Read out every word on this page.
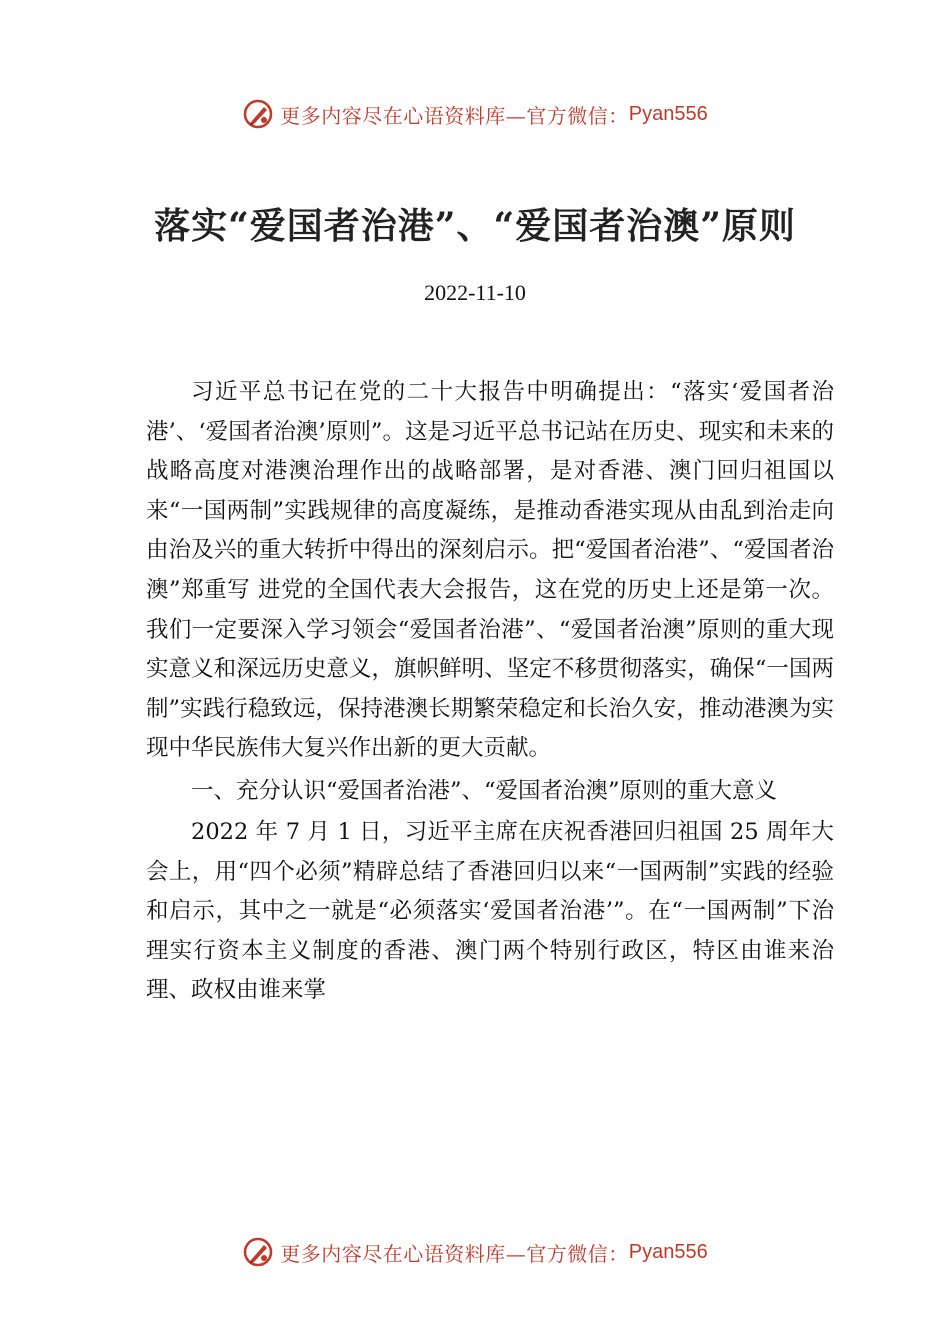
更多内容尽在心语资料库—官方微信： Pyan556
落实“爱国者治港”、“爱国者治澳”原则
2022-11-10

习近平总书记在党的二十大报告中明确提出：“落实‘爱国者治港’、‘爱国者治澳’原则”。这是习近平总书记站在历史、现实和未来的战略高度对港澳治理作出的战略部署，是对香港、澳门回归祖国以来“一国两制”实践规律的高度凝练，是推动香港实现从由乱到治走向由治及兴的重大转折中得出的深刻启示。把“爱国者治港”、“爱国者治澳”郑重写 进党的全国代表大会报告，这在党的历史上还是第一次。我们一定要深入学习领会“爱国者治港”、“爱国者治澳”原则的重大现实意义和深远历史意义，旗帜鲜明、坚定不移贯彻落实，确保“一国两制”实践行稳致远，保持港澳长期繁荣稳定和长治久安，推动港澳为实现中华民族伟大复兴作出新的更大贡献。

一、充分认识“爱国者治港”、“爱国者治澳”原则的重大意义

2022 年 7 月 1 日，习近平主席在庆祝香港回归祖国 25 周年大会上，用“四个必须”精辟总结了香港回归以来“一国两制”实践的经验和启示，其中之一就是“必须落实‘爱国者治港’”。在“一国两制”下治理实行资本主义制度的香港、澳门两个特别行政区，特区由谁来治理、政权由谁来掌

更多内容尽在心语资料库—官方微信： Pyan556
